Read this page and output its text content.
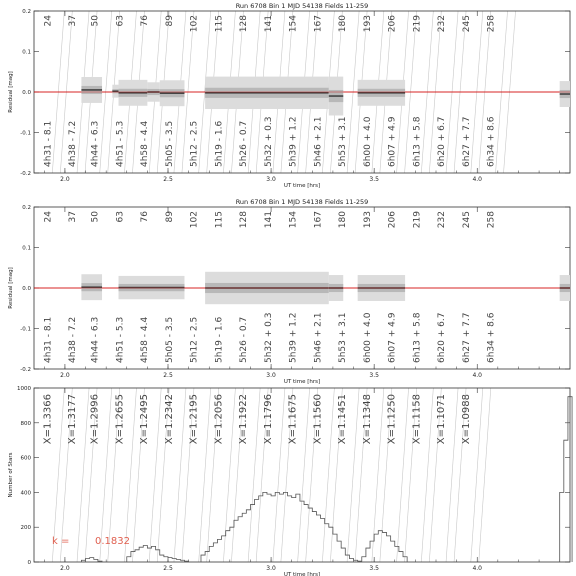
Run 6708 Bin 1 MJD 54138 Fields 11-259
-0.2
-0.1
0.0
0.1
0.2
2.0	2.5	3.0	3.5	4.0
UT time [hrs]
Residual [mag]
24 37 50 63 76 89 102 115 128 141 154 167 180 193 206 219 232 245 258
4h31 - 8.1 4h38 - 7.2 4h44 - 6.3 4h51 - 5.3 4h58 - 4.4 5h05 - 3.5 5h12 - 2.5 5h19 - 1.6 5h26 - 0.7 5h32 + 0.3 5h39 + 1.2 5h46 + 2.1 5h53 + 3.1 6h00 + 4.0 6h07 + 4.9 6h13 + 5.8 6h20 + 6.7 6h27 + 7.7 6h34 + 8.6
Run 6708 Bin 1 MJD 54138 Fields 11-259
-0.2
-0.1
0.0
0.1
0.2
2.0	2.5	3.0	3.5	4.0
UT time [hrs]
Residual [mag]
4h31 - 8.1 4h38 - 7.2 4h44 - 6.3 4h51 - 5.3 4h58 - 4.4 5h05 - 3.5 5h12 - 2.5 5h19 - 1.6 5h26 - 0.7 5h32 + 0.3 5h39 + 1.2 5h46 + 2.1 5h53 + 3.1 6h00 + 4.0 6h07 + 4.9 6h13 + 5.8 6h20 + 6.7 6h27 + 7.7 6h34 + 8.6
24 37 50 63 76 89 102 115 128 141 154 167 180 193 206 219 232 245 258
0
200
400
600
800
1000
2.0	2.5	3.0	3.5	4.0
UT time [hrs]
Number of Stars
X=1.3366 X=1.3177 X=1.2996 X=1.2655 X=1.2495 X=1.2342 X=1.2195 X=1.2056 X=1.1922 X=1.1796 X=1.1675 X=1.1560 X=1.1451 X=1.1348 X=1.1250 X=1.1158 X=1.1071 X=1.0988
k =	0.1832
